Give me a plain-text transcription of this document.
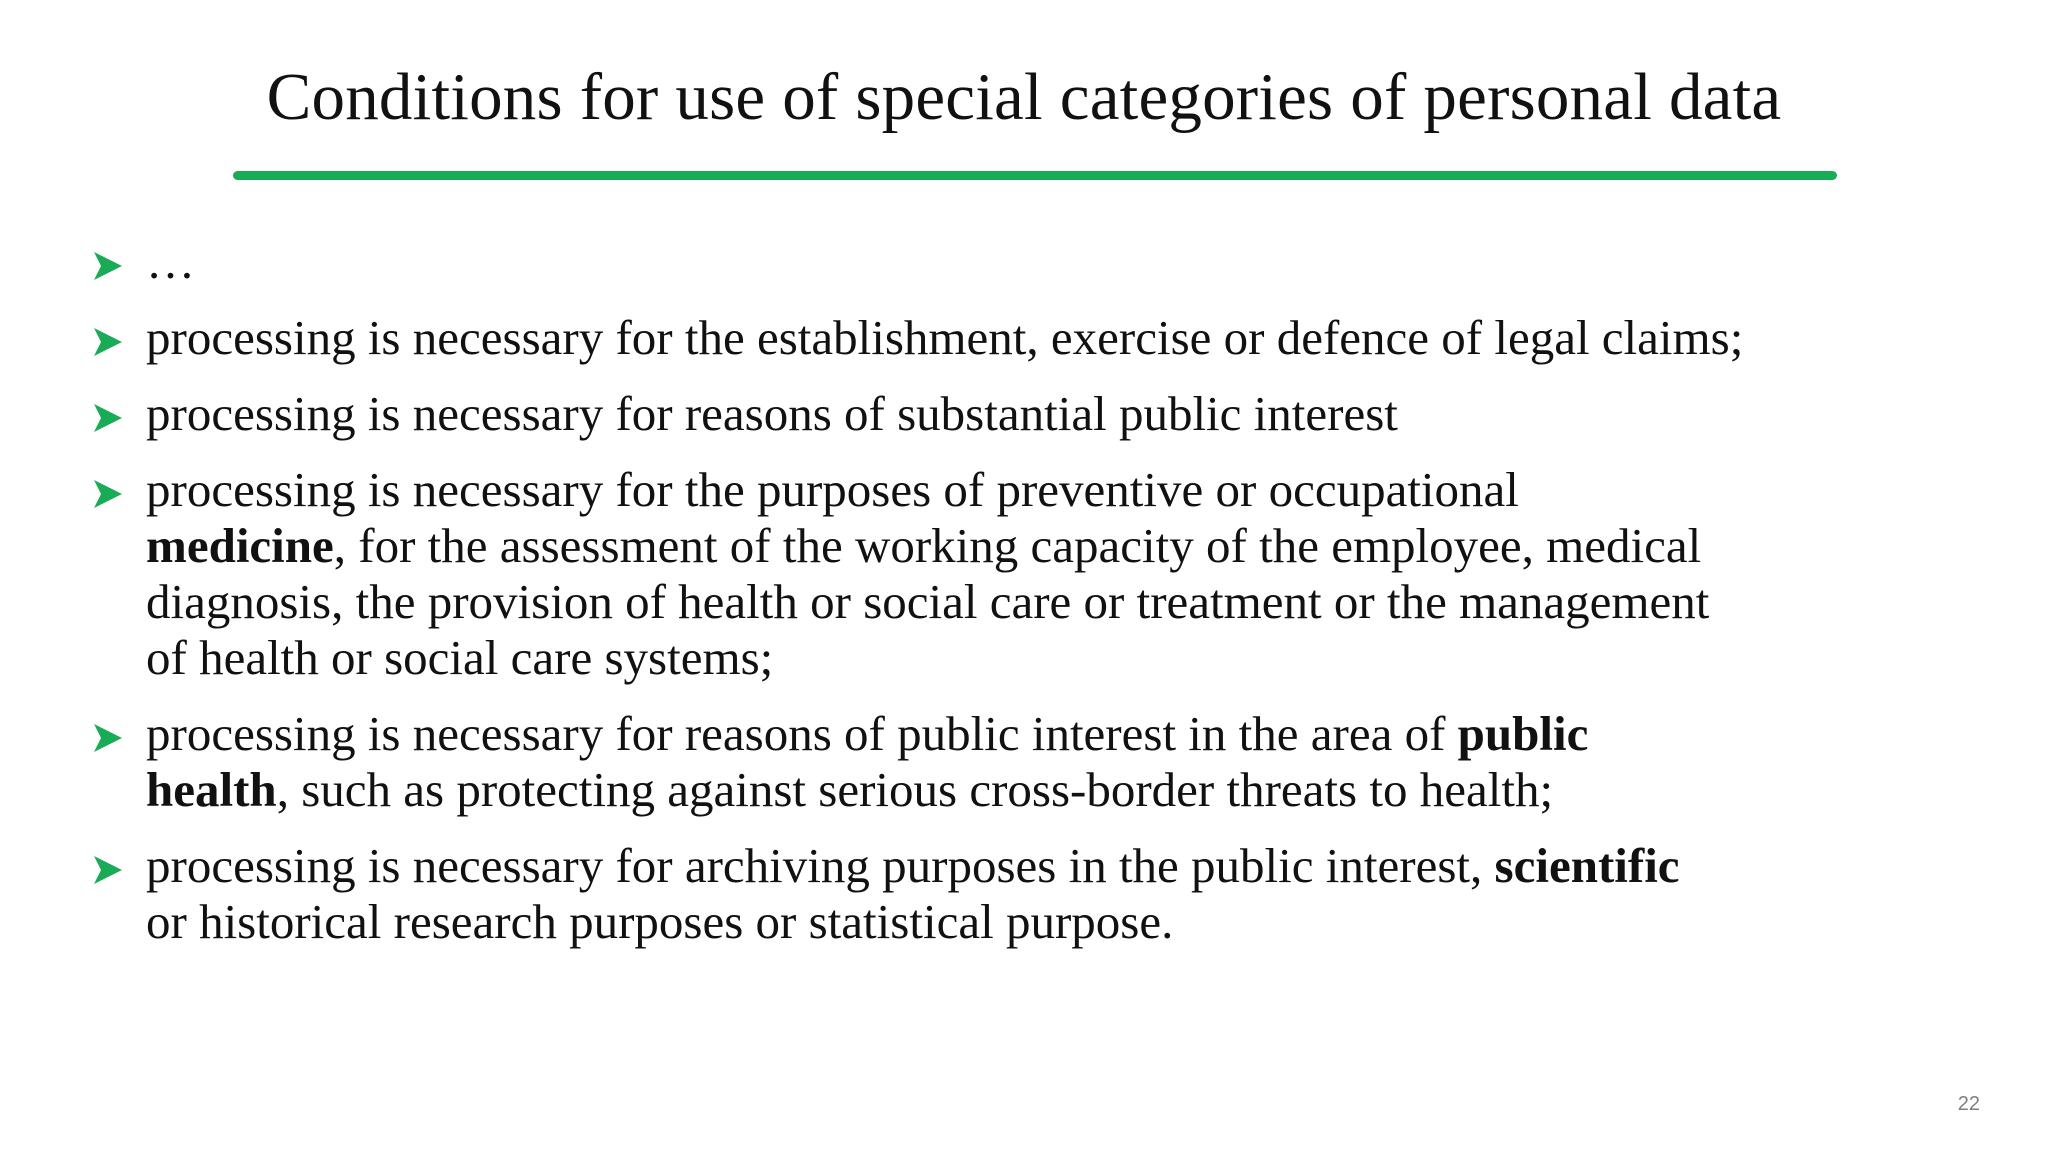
Conditions for use of special categories of personal data
…
processing is necessary for the establishment, exercise or defence of legal claims;
processing is necessary for reasons of substantial public interest
processing is necessary for the purposes of preventive or occupational
medicine, for the assessment of the working capacity of the employee, medical
diagnosis, the provision of health or social care or treatment or the management
of health or social care systems;
processing is necessary for reasons of public interest in the area of public
health, such as protecting against serious cross-border threats to health;
processing is necessary for archiving purposes in the public interest, scientific
or historical research purposes or statistical purpose.
22
